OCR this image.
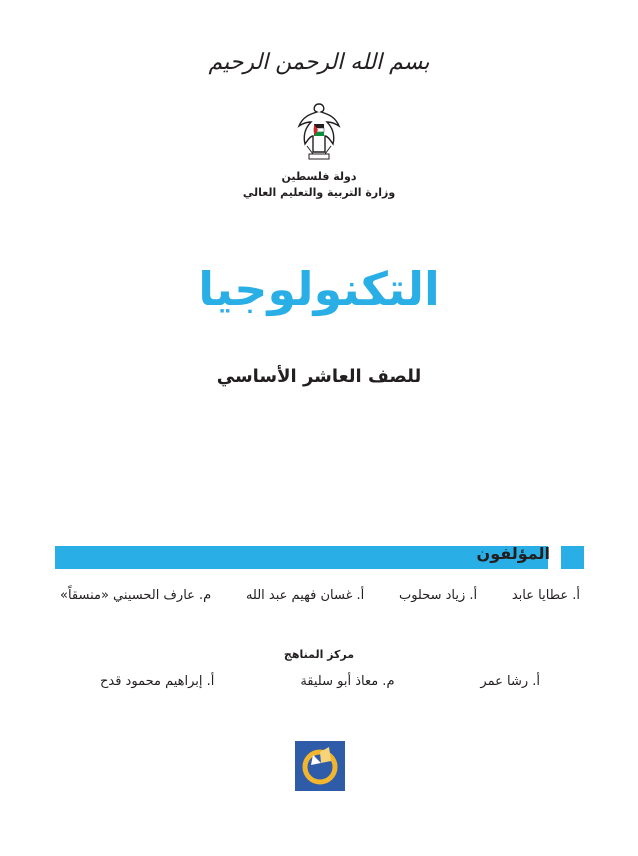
بسم الله الرحمن الرحيم
دولة فلسطين
وزارة التربية والتعليم العالي
التكنولوجيا
للصف العاشر الأساسي
المؤلفون
م. عارف الحسيني «منسقاً»	أ. غسان فهيم عبد الله	أ. زياد سحلوب	أ. عطايا عابد
مركز المناهج
أ. إبراهيم محمود قدح	م. معاذ أبو سليقة	أ. رشا عمر
